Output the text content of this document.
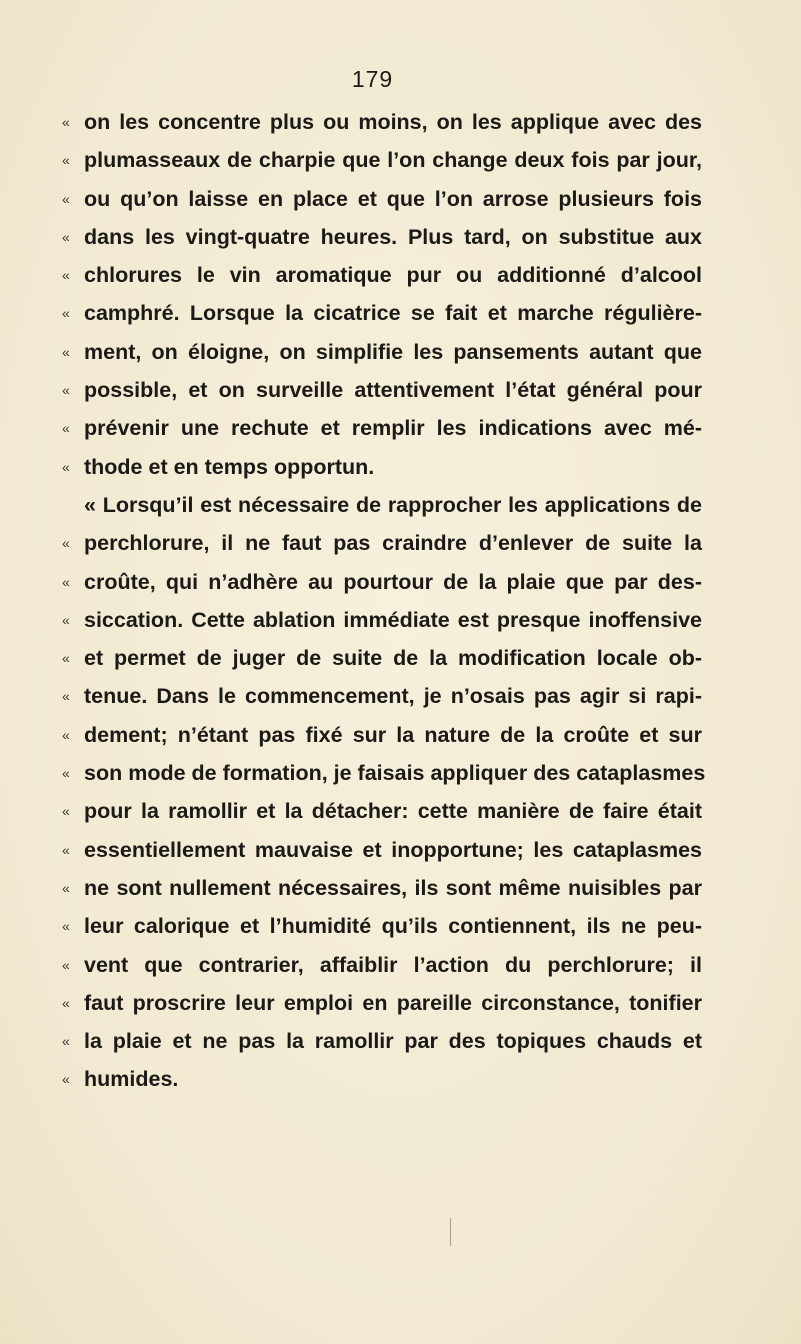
179
« on les concentre plus ou moins, on les applique avec des
« plumasseaux de charpie que l’on change deux fois par jour,
« ou qu’on laisse en place et que l’on arrose plusieurs fois
« dans les vingt-quatre heures. Plus tard, on substitue aux
« chlorures le vin aromatique pur ou additionné d’alcool
« camphré. Lorsque la cicatrice se fait et marche régulière-
« ment, on éloigne, on simplifie les pansements autant que
« possible, et on surveille attentivement l’état général pour
« prévenir une rechute et remplir les indications avec mé-
« thode et en temps opportun.
« Lorsqu’il est nécessaire de rapprocher les applications de
« perchlorure, il ne faut pas craindre d’enlever de suite la
« croûte, qui n’adhère au pourtour de la plaie que par des-
« siccation. Cette ablation immédiate est presque inoffensive
« et permet de juger de suite de la modification locale ob-
« tenue. Dans le commencement, je n’osais pas agir si rapi-
« dement; n’étant pas fixé sur la nature de la croûte et sur
« son mode de formation, je faisais appliquer des cataplasmes
« pour la ramollir et la détacher: cette manière de faire était
« essentiellement mauvaise et inopportune; les cataplasmes
« ne sont nullement nécessaires, ils sont même nuisibles par
« leur calorique et l’humidité qu’ils contiennent, ils ne peu-
« vent que contrarier, affaiblir l’action du perchlorure; il
« faut proscrire leur emploi en pareille circonstance, tonifier
« la plaie et ne pas la ramollir par des topiques chauds et
« humides.
